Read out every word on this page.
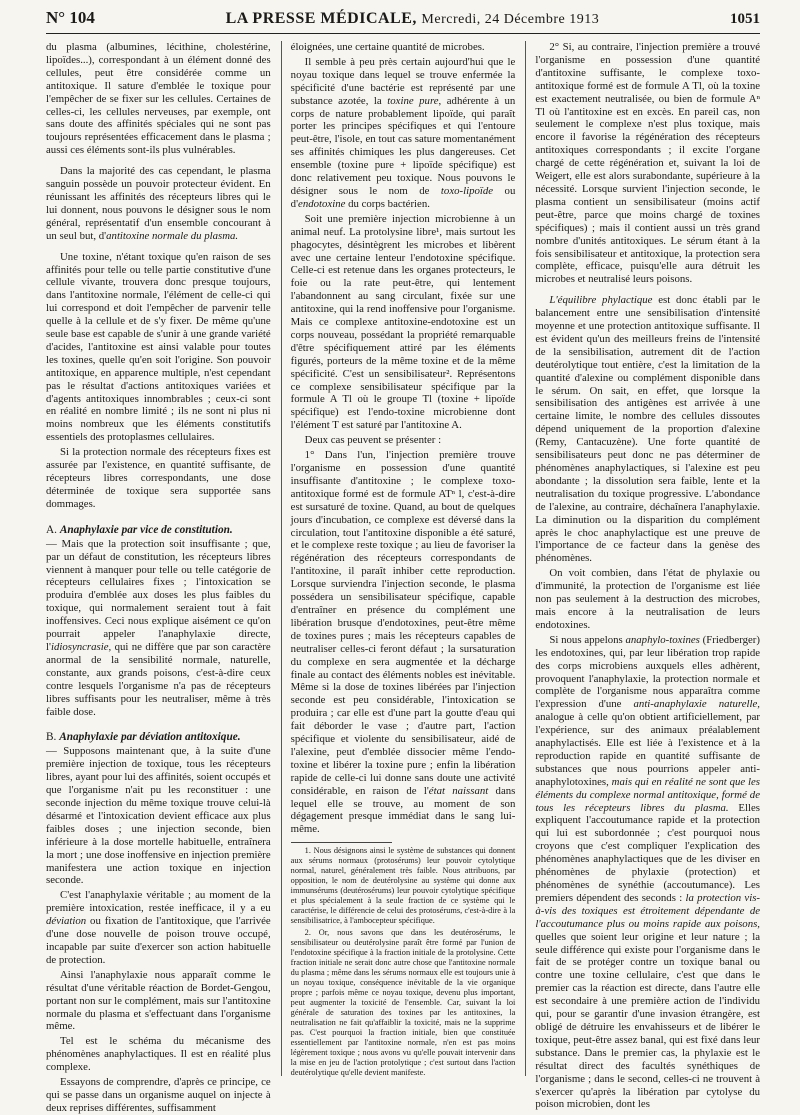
N° 104	LA PRESSE MÉDICALE, Mercredi, 24 Décembre 1913	1051

du plasma (albumines, lécithine, cholestérine, lipoïdes...), correspondant à un élément donné des cellules, peut être considérée comme un antitoxique. Il sature d'emblée le toxique pour l'empêcher de se fixer sur les cellules. Certaines de celles-ci, les cellules nerveuses, par exemple, ont sans doute des affinités spéciales qui ne sont pas toujours représentées efficacement dans le plasma ; aussi ces éléments sont-ils plus vulnérables.

Dans la majorité des cas cependant, le plasma sanguin possède un pouvoir protecteur évident. En réunissant les affinités des récepteurs libres qui le lui donnent, nous pouvons le désigner sous le nom général, représentatif d'un ensemble concourant à un seul but, d'antitoxine normale du plasma.

Une toxine, n'étant toxique qu'en raison de ses affinités pour telle ou telle partie constitutive d'une cellule vivante, trouvera donc presque toujours, dans l'antitoxine normale, l'élément de celle-ci qui lui correspond et doit l'empêcher de parvenir telle quelle à la cellule et de s'y fixer. De même qu'une seule base est capable de s'unir à une grande variété d'acides, l'antitoxine est ainsi valable pour toutes les toxines, quelle qu'en soit l'origine. Son pouvoir antitoxique, en apparence multiple, n'est cependant pas le résultat d'actions antitoxiques variées et d'agents antitoxiques innombrables ; ceux-ci sont en réalité en nombre limité ; ils ne sont ni plus ni moins nombreux que les éléments constitutifs essentiels des protoplasmes cellulaires.

Si la protection normale des récepteurs fixes est assurée par l'existence, en quantité suffisante, de récepteurs libres correspondants, une dose déterminée de toxique sera supportée sans dommages.

A. Anaphylaxie par vice de constitution.

— Mais que la protection soit insuffisante ; que, par un défaut de constitution, les récepteurs libres viennent à manquer pour telle ou telle catégorie de récepteurs cellulaires fixes ; l'intoxication se produira d'emblée aux doses les plus faibles du toxique, qui normalement seraient tout à fait inoffensives. Ceci nous explique aisément ce qu'on pourrait appeler l'anaphylaxie directe, l'idiosyncrasie, qui ne diffère que par son caractère anormal de la sensibilité normale, naturelle, constante, aux grands poisons, c'est-à-dire ceux contre lesquels l'organisme n'a pas de récepteurs libres suffisants pour les neutraliser, même à très faible dose.

B. Anaphylaxie par déviation antitoxique.

— Supposons maintenant que, à la suite d'une première injection de toxique, tous les récepteurs libres, ayant pour lui des affinités, soient occupés et que l'organisme n'ait pu les reconstituer : une seconde injection du même toxique trouve celui-là désarmé et l'intoxication devient efficace aux plus faibles doses ; une injection seconde, bien inférieure à la dose mortelle habituelle, entraînera la mort ; une dose inoffensive en injection première manifestera une action toxique en injection seconde.

C'est l'anaphylaxie véritable ; au moment de la première intoxication, restée inefficace, il y a eu déviation ou fixation de l'antitoxique, que l'arrivée d'une dose nouvelle de poison trouve occupé, incapable par suite d'exercer son action habituelle de protection.

Ainsi l'anaphylaxie nous apparaît comme le résultat d'une véritable réaction de Bordet-Gengou, portant non sur le complément, mais sur l'antitoxine normale du plasma et s'effectuant dans l'organisme même.

Tel est le schéma du mécanisme des phénomènes anaphylactiques. Il est en réalité plus complexe.

Essayons de comprendre, d'après ce principe, ce qui se passe dans un organisme auquel on injecte à deux reprises différentes, suffisamment

éloignées, une certaine quantité de microbes.

Il semble à peu près certain aujourd'hui que le noyau toxique dans lequel se trouve enfermée la spécificité d'une bactérie est représenté par une substance azotée, la toxine pure, adhérente à un corps de nature probablement lipoïde, qui paraît porter les principes spécifiques et qui l'entoure peut-être, l'isole, en tout cas sature momentanément ses affinités chimiques les plus dangereuses. Cet ensemble (toxine pure + lipoïde spécifique) est donc relativement peu toxique. Nous pouvons le désigner sous le nom de toxo-lipoïde ou d'endotoxine du corps bactérien.

Soit une première injection microbienne à un animal neuf. La protolysine libre¹, mais surtout les phagocytes, désintègrent les microbes et libèrent avec une certaine lenteur l'endotoxine spécifique. Celle-ci est retenue dans les organes protecteurs, le foie ou la rate peut-être, qui lentement l'abandonnent au sang circulant, fixée sur une antitoxine, qui la rend inoffensive pour l'organisme. Mais ce complexe antitoxine-endotoxine est un corps nouveau, possédant la propriété remarquable d'être spécifiquement attiré par les éléments figurés, porteurs de la même toxine et de la même spécificité. C'est un sensibilisateur². Représentons ce complexe sensibilisateur spécifique par la formule A Tl où le groupe Tl (toxine + lipoïde spécifique) est l'endo-toxine microbienne dont l'élément T est saturé par l'antitoxine A.

Deux cas peuvent se présenter :

1° Dans l'un, l'injection première trouve l'organisme en possession d'une quantité insuffisante d'antitoxine ; le complexe toxo-antitoxique formé est de formule ATⁿ l, c'est-à-dire est sursaturé de toxine. Quand, au bout de quelques jours d'incubation, ce complexe est déversé dans la circulation, tout l'antitoxine disponible a été saturé, et le complexe reste toxique ; au lieu de favoriser la régénération des récepteurs correspondants de l'antitoxine, il paraît inhiber cette reproduction. Lorsque surviendra l'injection seconde, le plasma possédera un sensibilisateur spécifique, capable d'entraîner en présence du complément une libération brusque d'endotoxines, peut-être même de toxines pures ; mais les récepteurs capables de neutraliser celles-ci feront défaut ; la sursaturation du complexe en sera augmentée et la décharge finale au contact des éléments nobles est inévitable. Même si la dose de toxines libérées par l'injection seconde est peu considérable, l'intoxication se produira ; car elle est d'une part la goutte d'eau qui fait déborder le vase ; d'autre part, l'action spécifique et violente du sensibilisateur, aidé de l'alexine, peut d'emblée dissocier même l'endo-toxine et libérer la toxine pure ; enfin la libération rapide de celle-ci lui donne sans doute une activité considérable, en raison de l'état naissant dans lequel elle se trouve, au moment de son dégagement presque immédiat dans le sang lui-même.

1. Nous désignons ainsi le système de substances qui donnent aux sérums normaux (protosérums) leur pouvoir cytolytique normal, naturel, généralement très faible. Nous attribuons, par opposition, le nom de deutérolysine au système qui donne aux immunsérums (deutérosérums) leur pouvoir cytolytique spécifique et plus spécialement à la seule fraction de ce système qui le caractérise, le différencie de celui des protosérums, c'est-à-dire à la sensibilisatrice, à l'ambocepteur spécifique.

2. Or, nous savons que dans les deutérosérums, le sensibilisateur ou deutérolysine paraît être formé par l'union de l'endotoxine spécifique à la fraction initiale de la protolysine. Cette fraction initiale ne serait donc autre chose que l'antitoxine normale du plasma ; même dans les sérums normaux elle est toujours unie à un noyau toxique, conséquence inévitable de la vie organique propre ; parfois même ce noyau toxique, devenu plus important, peut augmenter la toxicité de l'ensemble. Car, suivant la loi générale de saturation des toxines par les antitoxines, la neutralisation ne fait qu'affaiblir la toxicité, mais ne la supprime pas. C'est pourquoi la fraction initiale, bien que constituée essentiellement par l'antitoxine normale, n'en est pas moins légèrement toxique ; nous avons vu qu'elle pouvait intervenir dans la mise en jeu de l'action protolytique ; c'est surtout dans l'action deutérolytique qu'elle devient manifeste.

2° Si, au contraire, l'injection première a trouvé l'organisme en possession d'une quantité d'antitoxine suffisante, le complexe toxo-antitoxique formé est de formule A Tl, où la toxine est exactement neutralisée, ou bien de formule Aⁿ Tl où l'antitoxine est en excès. En pareil cas, non seulement le complexe n'est plus toxique, mais encore il favorise la régénération des récepteurs antitoxiques correspondants ; il excite l'organe chargé de cette régénération et, suivant la loi de Weigert, elle est alors surabondante, supérieure à la nécessité. Lorsque survient l'injection seconde, le plasma contient un sensibilisateur (moins actif peut-être, parce que moins chargé de toxines spécifiques) ; mais il contient aussi un très grand nombre d'unités antitoxiques. Le sérum étant à la fois sensibilisateur et antitoxique, la protection sera complète, efficace, puisqu'elle aura détruit les microbes et neutralisé leurs poisons.

L'équilibre phylactique est donc établi par le balancement entre une sensibilisation d'intensité moyenne et une protection antitoxique suffisante. Il est évident qu'un des meilleurs freins de l'intensité de la sensibilisation, autrement dit de l'action deutérolytique tout entière, c'est la limitation de la quantité d'alexine ou complément disponible dans le sérum. On sait, en effet, que lorsque la sensibilisation des antigènes est arrivée à une certaine limite, le nombre des cellules dissoutes dépend uniquement de la proportion d'alexine (Remy, Cantacuzène). Une forte quantité de sensibilisateurs peut donc ne pas déterminer de phénomènes anaphylactiques, si l'alexine est peu abondante ; la dissolution sera faible, lente et la neutralisation du toxique progressive. L'abondance de l'alexine, au contraire, déchaînera l'anaphylaxie. La diminution ou la disparition du complément après le choc anaphylactique est une preuve de l'importance de ce facteur dans la genèse des phénomènes.

On voit combien, dans l'état de phylaxie ou d'immunité, la protection de l'organisme est liée non pas seulement à la destruction des microbes, mais encore à la neutralisation de leurs endotoxines.

Si nous appelons anaphylo-toxines (Friedberger) les endotoxines, qui, par leur libération trop rapide des corps microbiens auxquels elles adhèrent, provoquent l'anaphylaxie, la protection normale et complète de l'organisme nous apparaîtra comme l'expression d'une anti-anaphylaxie naturelle, analogue à celle qu'on obtient artificiellement, par l'expérience, sur des animaux préalablement anaphylactisés. Elle est liée à l'existence et à la reproduction rapide en quantité suffisante de substances que nous pourrions appeler anti-anaphylotoxines, mais qui en réalité ne sont que les éléments du complexe normal antitoxique, formé de tous les récepteurs libres du plasma. Elles expliquent l'accoutumance rapide et la protection qui lui est subordonnée ; c'est pourquoi nous croyons que c'est compliquer l'explication des phénomènes anaphylactiques que de les diviser en phénomènes de phylaxie (protection) et phénomènes de synéthie (accoutumance). Les premiers dépendent des seconds : la protection vis-à-vis des toxiques est étroitement dépendante de l'accoutumance plus ou moins rapide aux poisons, quelles que soient leur origine et leur nature ; la seule différence qui existe pour l'organisme dans le fait de se protéger contre un toxique banal ou contre une toxine cellulaire, c'est que dans le premier cas la réaction est directe, dans l'autre elle est secondaire à une première action de l'individu qui, pour se garantir d'une invasion étrangère, est obligé de détruire les envahisseurs et de libérer le toxique, peut-être assez banal, qui est fixé dans leur substance. Dans le premier cas, la phylaxie est le résultat direct des facultés synéthiques de l'organisme ; dans le second, celles-ci ne trouvent à s'exercer qu'après la libération par cytolyse du poison microbien, dont les
